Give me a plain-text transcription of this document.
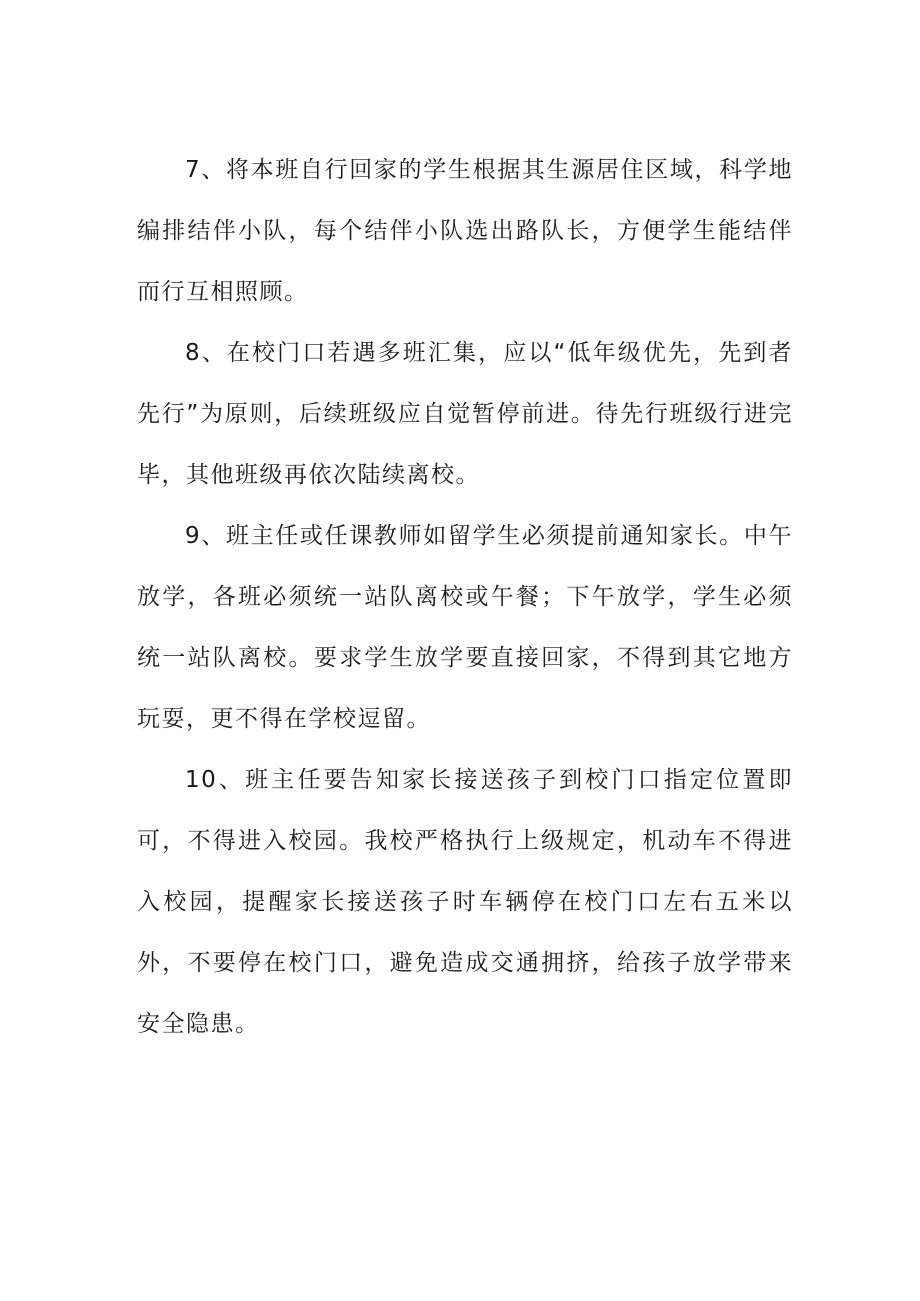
7、将本班自行回家的学生根据其生源居住区域，科学地编排结伴小队，每个结伴小队选出路队长，方便学生能结伴而行互相照顾。

8、在校门口若遇多班汇集，应以“低年级优先，先到者先行”为原则，后续班级应自觉暂停前进。待先行班级行进完毕，其他班级再依次陆续离校。

9、班主任或任课教师如留学生必须提前通知家长。中午放学，各班必须统一站队离校或午餐；下午放学，学生必须统一站队离校。要求学生放学要直接回家，不得到其它地方玩耍，更不得在学校逗留。

10、班主任要告知家长接送孩子到校门口指定位置即可，不得进入校园。我校严格执行上级规定，机动车不得进入校园，提醒家长接送孩子时车辆停在校门口左右五米以外，不要停在校门口，避免造成交通拥挤，给孩子放学带来安全隐患。
